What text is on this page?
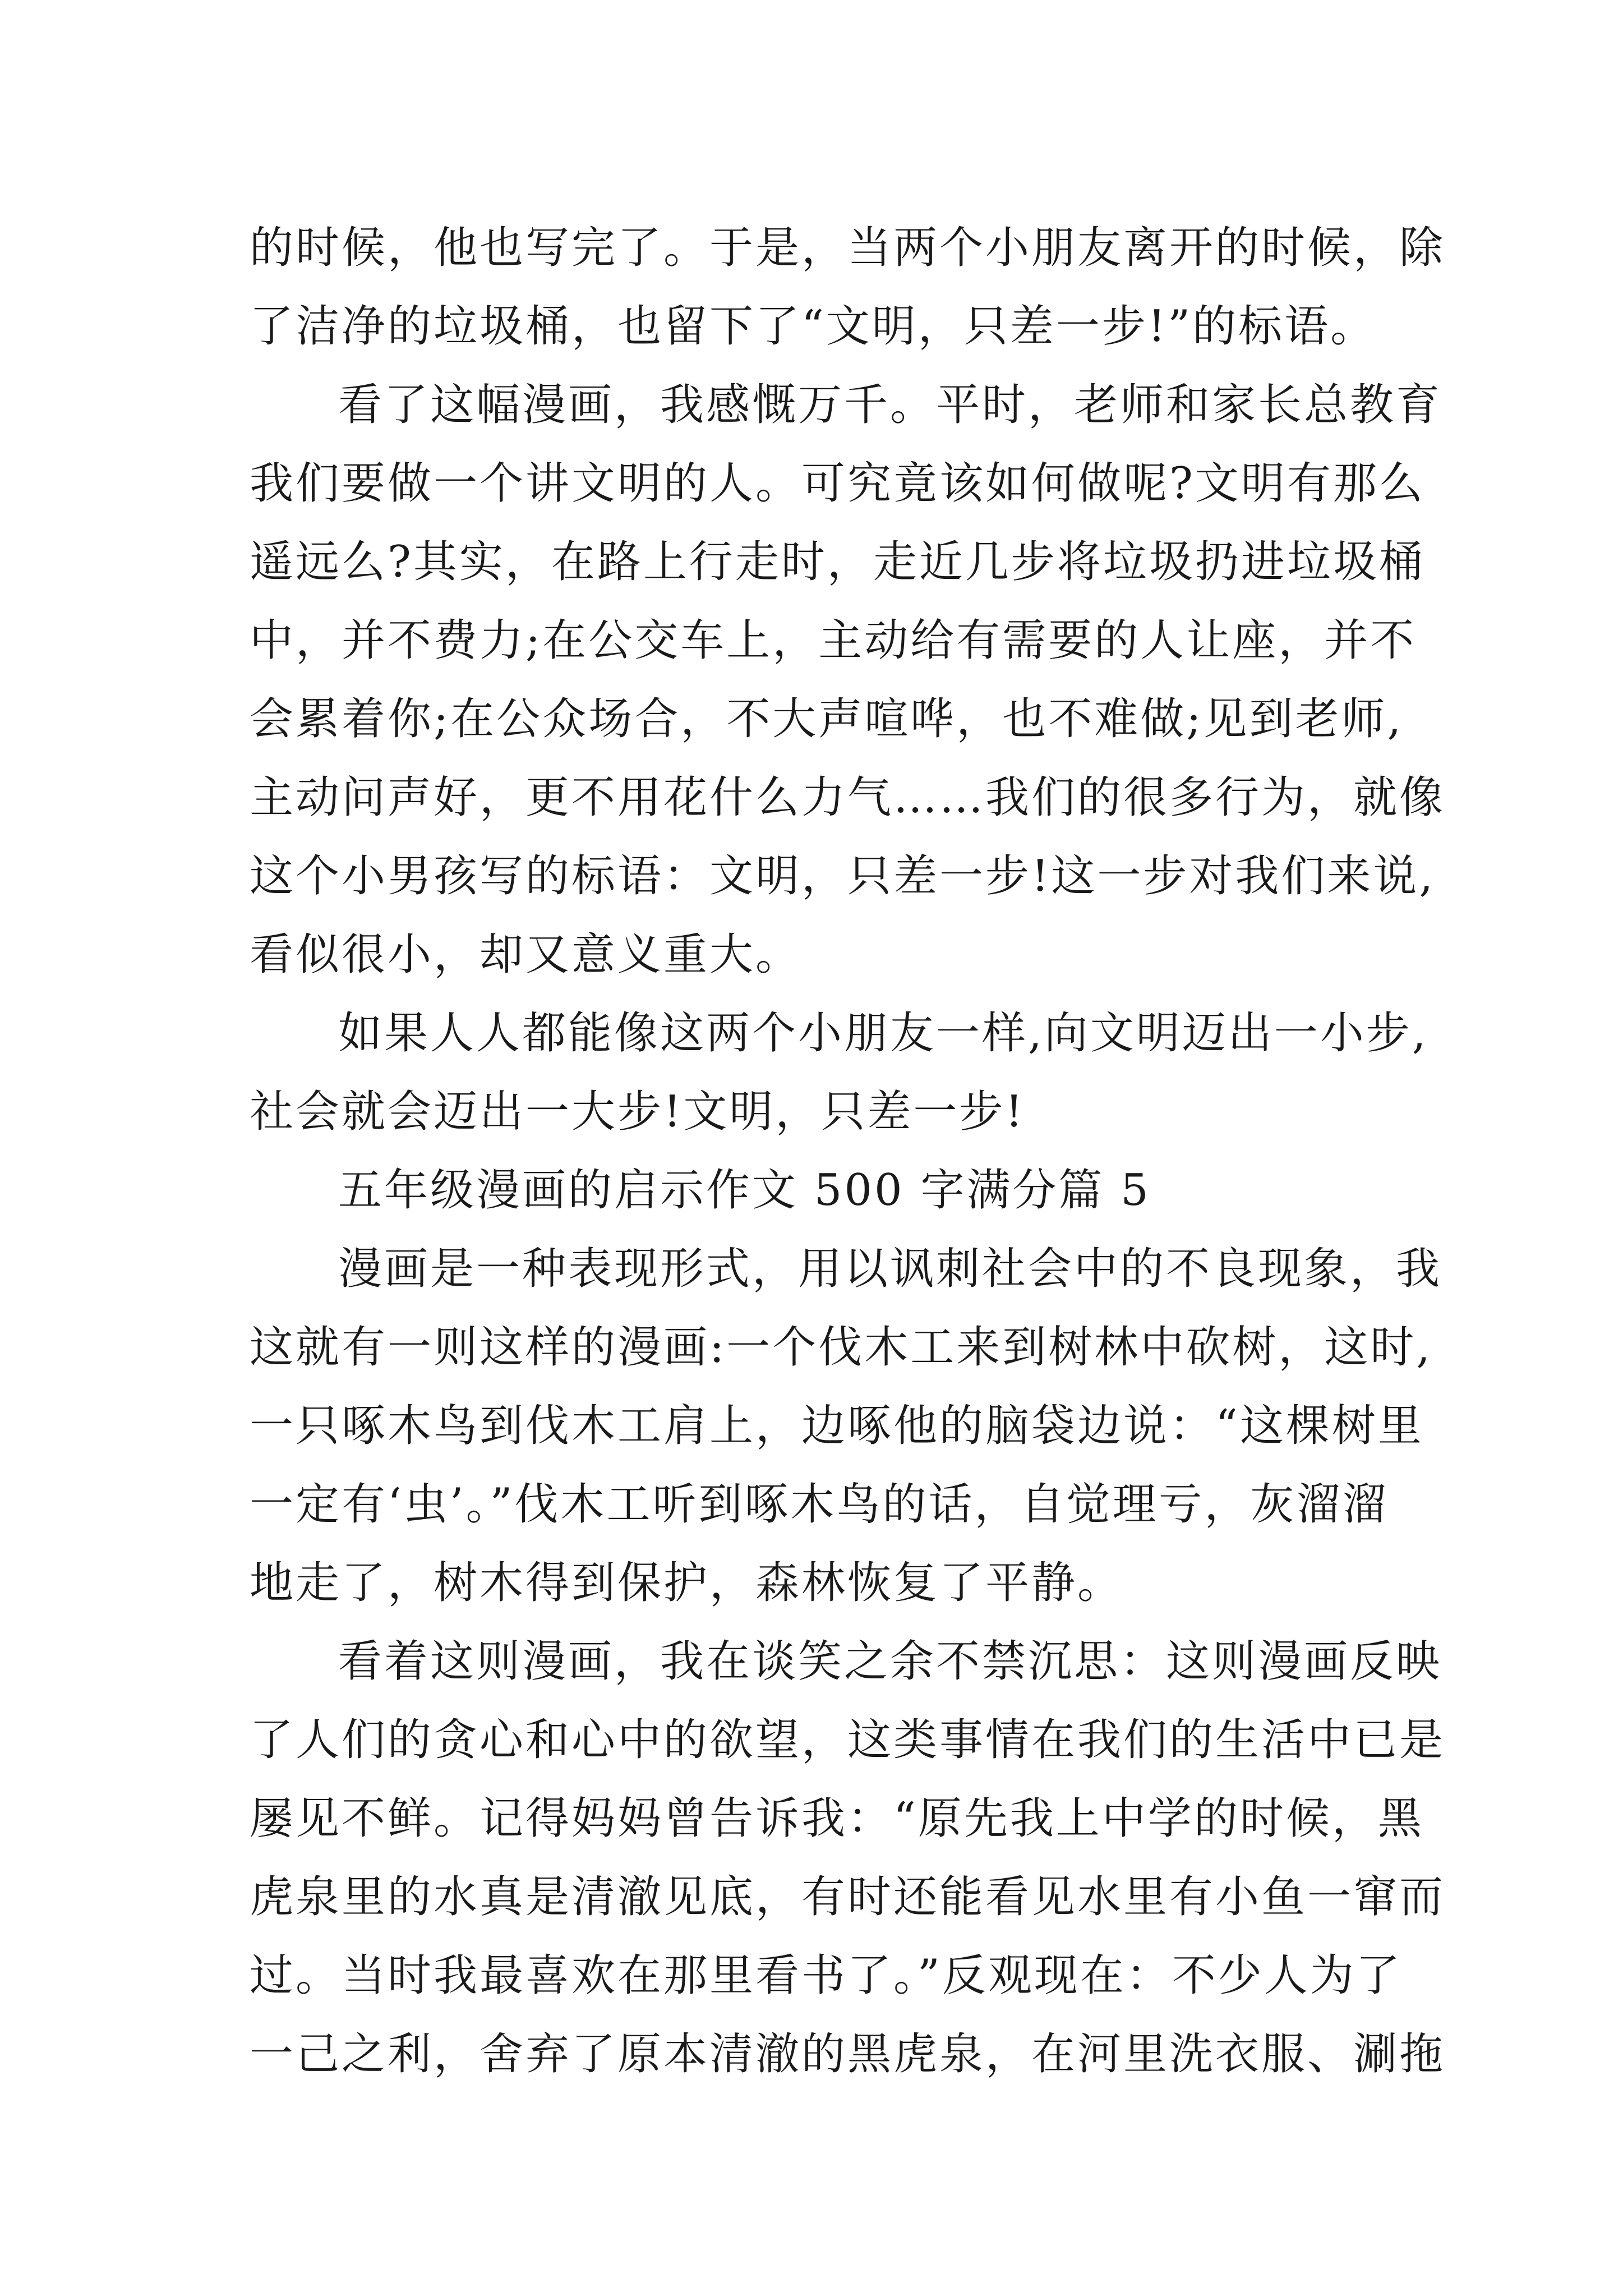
的时候，他也写完了。于是，当两个小朋友离开的时候，除
了洁净的垃圾桶，也留下了“文明，只差一步!”的标语。
看了这幅漫画，我感慨万千。平时，老师和家长总教育
我们要做一个讲文明的人。可究竟该如何做呢?文明有那么
遥远么?其实，在路上行走时，走近几步将垃圾扔进垃圾桶
中，并不费力;在公交车上，主动给有需要的人让座，并不
会累着你;在公众场合，不大声喧哗，也不难做;见到老师,
主动问声好，更不用花什么力气……我们的很多行为，就像
这个小男孩写的标语：文明，只差一步!这一步对我们来说,
看似很小，却又意义重大。
如果人人都能像这两个小朋友一样,向文明迈出一小步,
社会就会迈出一大步!文明，只差一步!
五年级漫画的启示作文 500 字满分篇 5
漫画是一种表现形式，用以讽刺社会中的不良现象，我
这就有一则这样的漫画:一个伐木工来到树林中砍树，这时,
一只啄木鸟到伐木工肩上，边啄他的脑袋边说：“这棵树里
一定有‘虫’。”伐木工听到啄木鸟的话，自觉理亏，灰溜溜
地走了，树木得到保护，森林恢复了平静。
看着这则漫画，我在谈笑之余不禁沉思：这则漫画反映
了人们的贪心和心中的欲望，这类事情在我们的生活中已是
屡见不鲜。记得妈妈曾告诉我：“原先我上中学的时候，黑
虎泉里的水真是清澈见底，有时还能看见水里有小鱼一窜而
过。当时我最喜欢在那里看书了。”反观现在：不少人为了
一己之利，舍弃了原本清澈的黑虎泉，在河里洗衣服、涮拖
